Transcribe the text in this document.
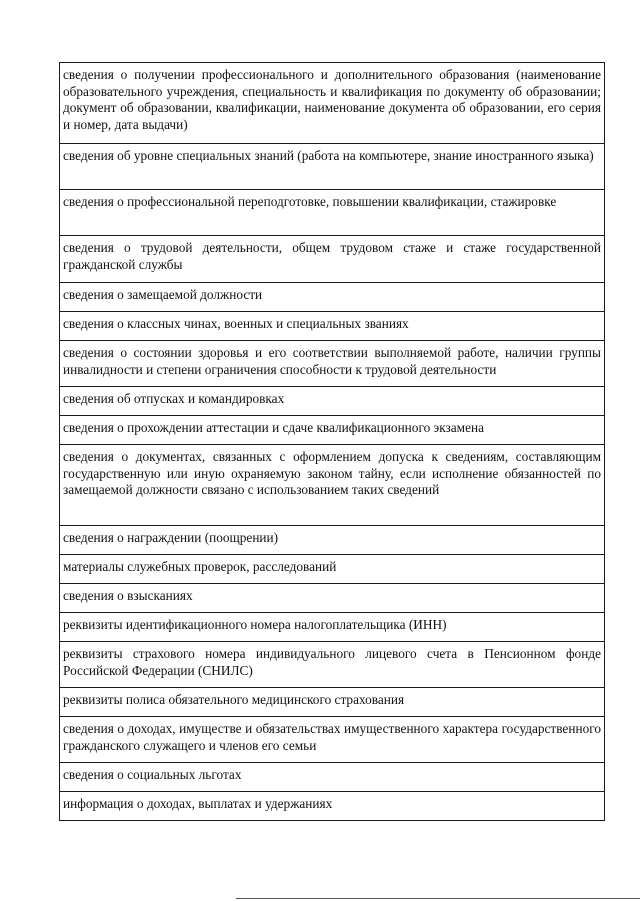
сведения о получении профессионального и дополнительного образования (наименование образовательного учреждения, специальность и квалификация по документу об образовании; документ об образовании, квалификации, наименование документа об образовании, его серия и номер, дата выдачи)
сведения об уровне специальных знаний (работа на компьютере, знание иностранного языка)
сведения о профессиональной переподготовке, повышении квалификации, стажировке
сведения о трудовой деятельности, общем трудовом стаже и стаже государственной гражданской службы
сведения о замещаемой должности
сведения о классных чинах, военных и специальных званиях
сведения о состоянии здоровья и его соответствии выполняемой работе, наличии группы инвалидности и степени ограничения способности к трудовой деятельности
сведения об отпусках и командировках
сведения о прохождении аттестации и сдаче квалификационного экзамена
сведения о документах, связанных с оформлением допуска к сведениям, составляющим государственную или иную охраняемую законом тайну, если исполнение обязанностей по замещаемой должности связано с использованием таких сведений
сведения о награждении (поощрении)
материалы служебных проверок, расследований
сведения о взысканиях
реквизиты идентификационного номера налогоплательщика (ИНН)
реквизиты страхового номера индивидуального лицевого счета в Пенсионном фонде Российской Федерации (СНИЛС)
реквизиты полиса обязательного медицинского страхования
сведения о доходах, имуществе и обязательствах имущественного характера государственного гражданского служащего и членов его семьи
сведения о социальных льготах
информация о доходах, выплатах и удержаниях
